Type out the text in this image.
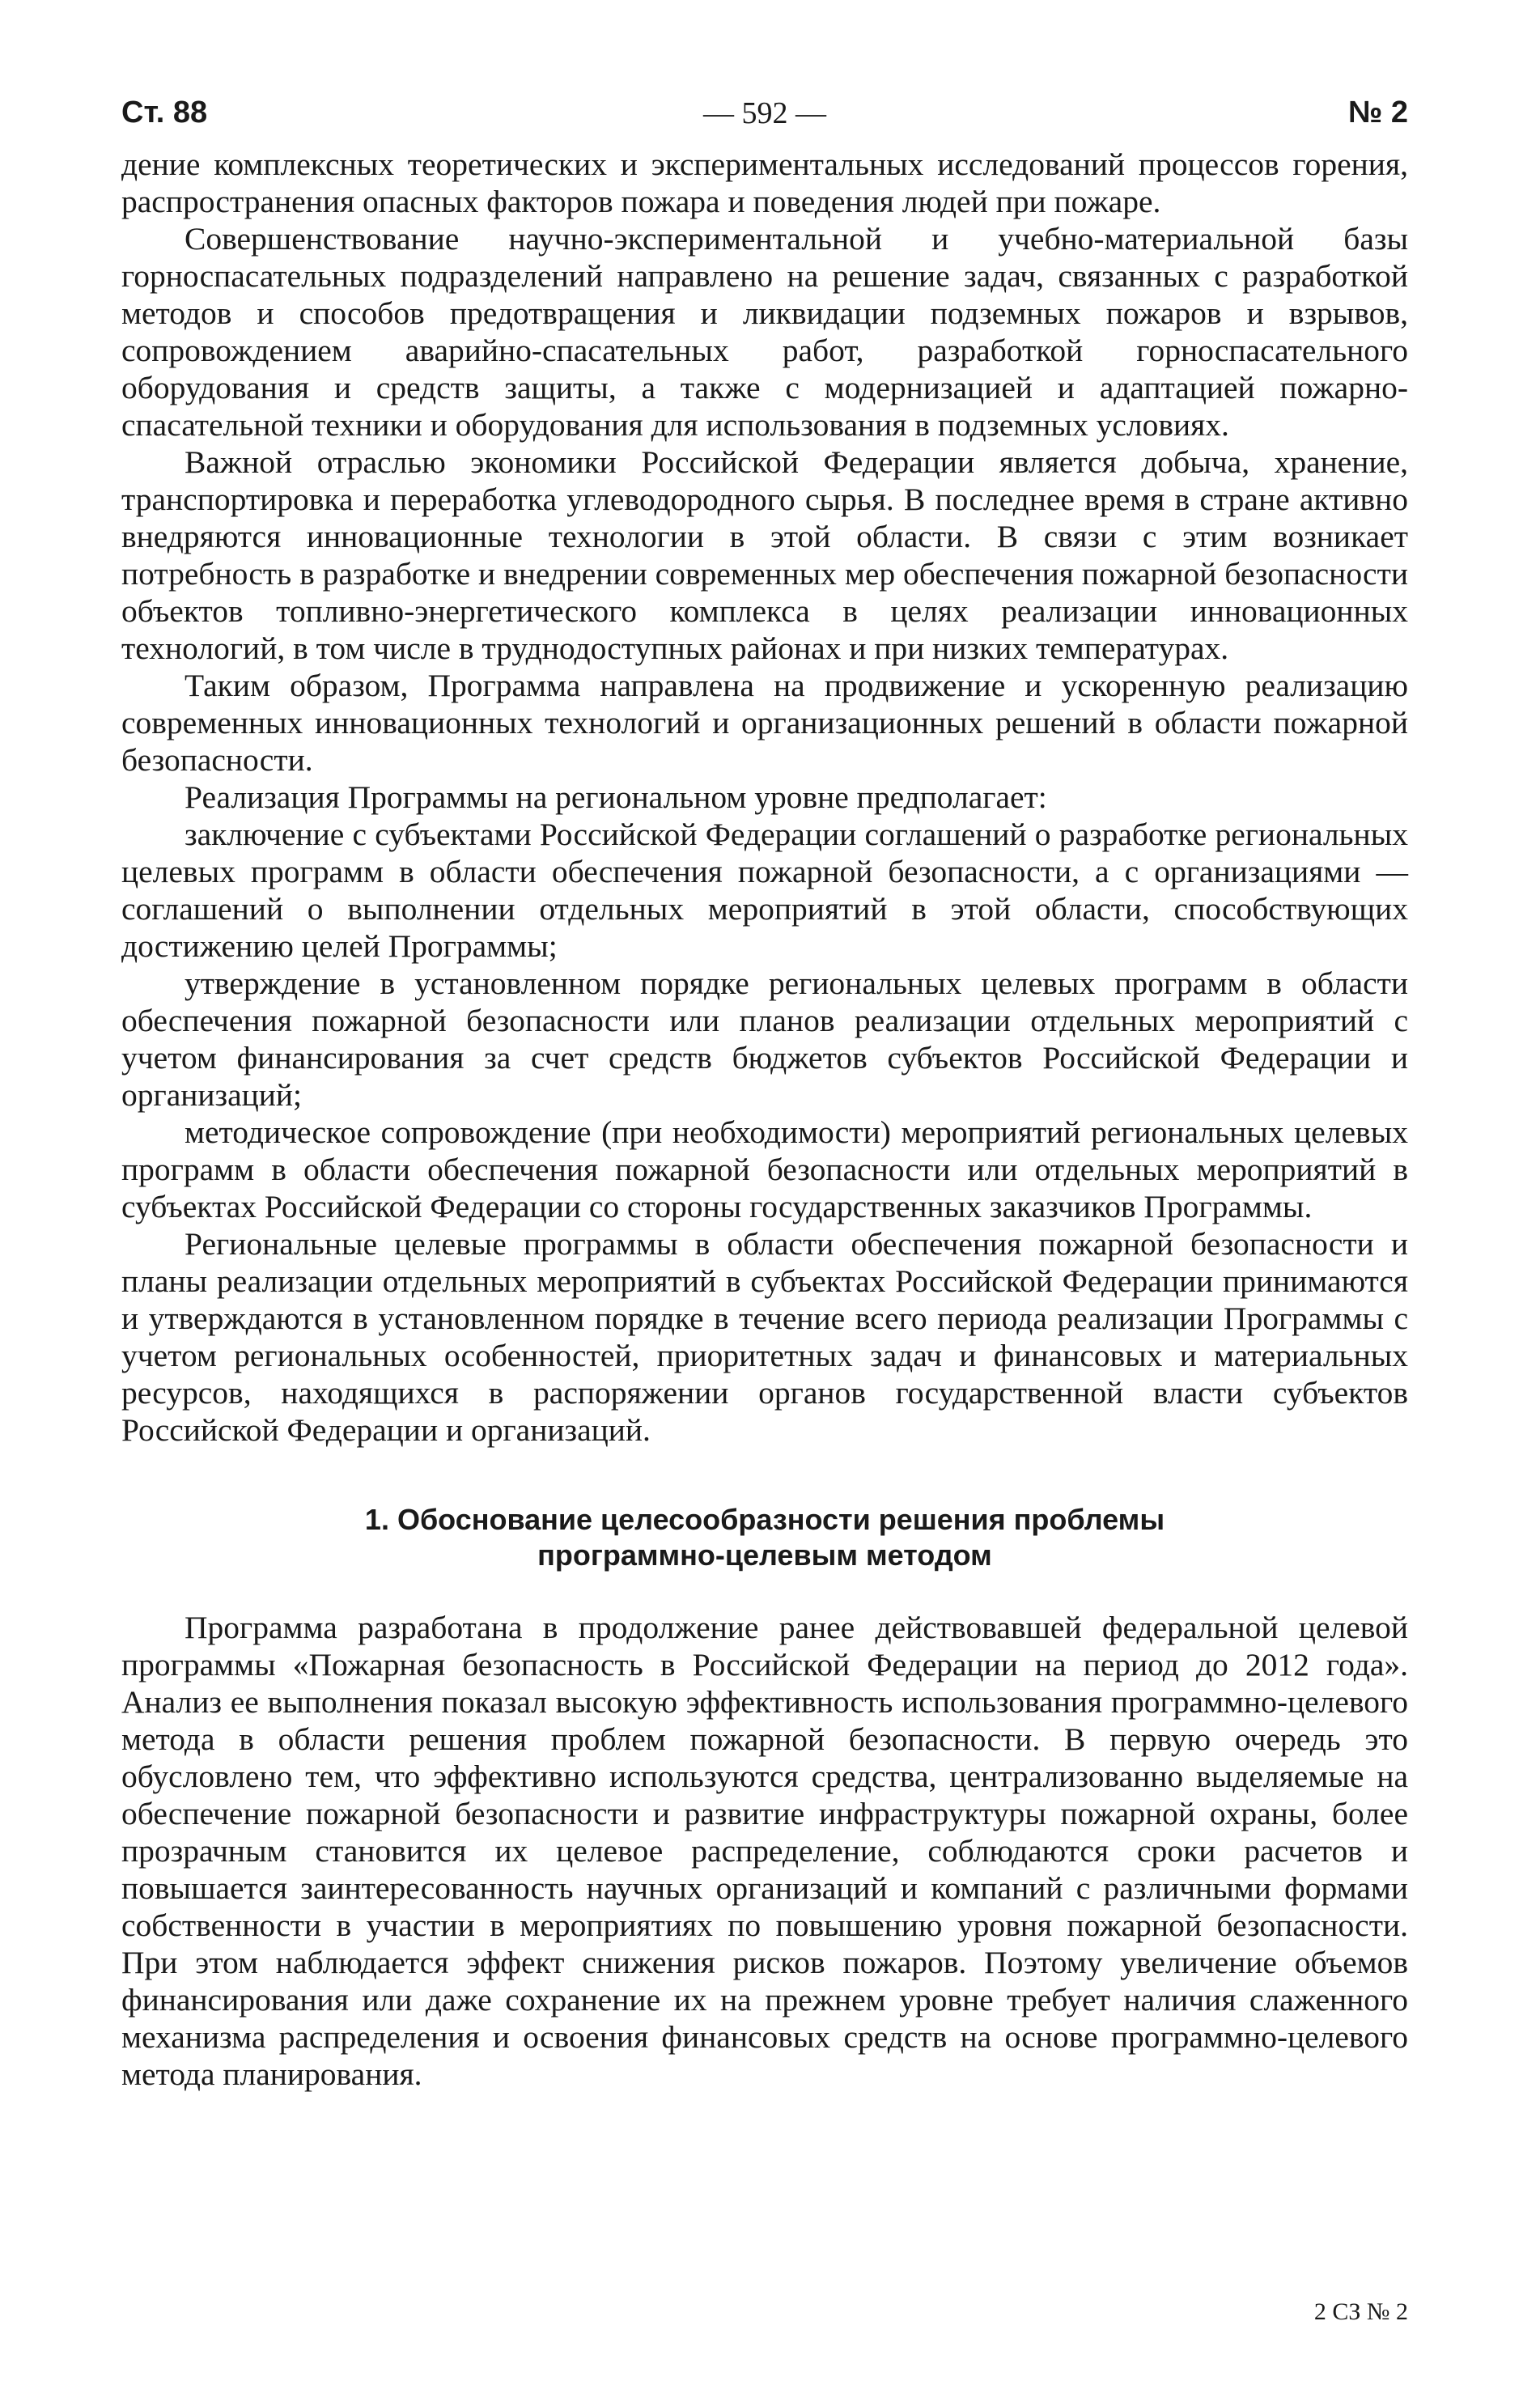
Ст. 88	— 592 —	№ 2

дение комплексных теоретических и экспериментальных исследований процессов горения, распространения опасных факторов пожара и поведения людей при пожаре.

Совершенствование научно-экспериментальной и учебно-материальной базы горноспасательных подразделений направлено на решение задач, связанных с разработкой методов и способов предотвращения и ликвидации подземных пожаров и взрывов, сопровождением аварийно-спасательных работ, разработкой горноспасательного оборудования и средств защиты, а также с модернизацией и адаптацией пожарно-спасательной техники и оборудования для использования в подземных условиях.

Важной отраслью экономики Российской Федерации является добыча, хранение, транспортировка и переработка углеводородного сырья. В последнее время в стране активно внедряются инновационные технологии в этой области. В связи с этим возникает потребность в разработке и внедрении современных мер обеспечения пожарной безопасности объектов топливно-энергетического комплекса в целях реализации инновационных технологий, в том числе в труднодоступных районах и при низких температурах.

Таким образом, Программа направлена на продвижение и ускоренную реализацию современных инновационных технологий и организационных решений в области пожарной безопасности.

Реализация Программы на региональном уровне предполагает:

заключение с субъектами Российской Федерации соглашений о разработке региональных целевых программ в области обеспечения пожарной безопасности, а с организациями — соглашений о выполнении отдельных мероприятий в этой области, способствующих достижению целей Программы;

утверждение в установленном порядке региональных целевых программ в области обеспечения пожарной безопасности или планов реализации отдельных мероприятий с учетом финансирования за счет средств бюджетов субъектов Российской Федерации и организаций;

методическое сопровождение (при необходимости) мероприятий региональных целевых программ в области обеспечения пожарной безопасности или отдельных мероприятий в субъектах Российской Федерации со стороны государственных заказчиков Программы.

Региональные целевые программы в области обеспечения пожарной безопасности и планы реализации отдельных мероприятий в субъектах Российской Федерации принимаются и утверждаются в установленном порядке в течение всего периода реализации Программы с учетом региональных особенностей, приоритетных задач и финансовых и материальных ресурсов, находящихся в распоряжении органов государственной власти субъектов Российской Федерации и организаций.

1. Обоснование целесообразности решения проблемы
программно-целевым методом

Программа разработана в продолжение ранее действовавшей федеральной целевой программы «Пожарная безопасность в Российской Федерации на период до 2012 года». Анализ ее выполнения показал высокую эффективность использования программно-целевого метода в области решения проблем пожарной безопасности. В первую очередь это обусловлено тем, что эффективно используются средства, централизованно выделяемые на обеспечение пожарной безопасности и развитие инфраструктуры пожарной охраны, более прозрачным становится их целевое распределение, соблюдаются сроки расчетов и повышается заинтересованность научных организаций и компаний с различными формами собственности в участии в мероприятиях по повышению уровня пожарной безопасности. При этом наблюдается эффект снижения рисков пожаров. Поэтому увеличение объемов финансирования или даже сохранение их на прежнем уровне требует наличия слаженного механизма распределения и освоения финансовых средств на основе программно-целевого метода планирования.

2 СЗ № 2
